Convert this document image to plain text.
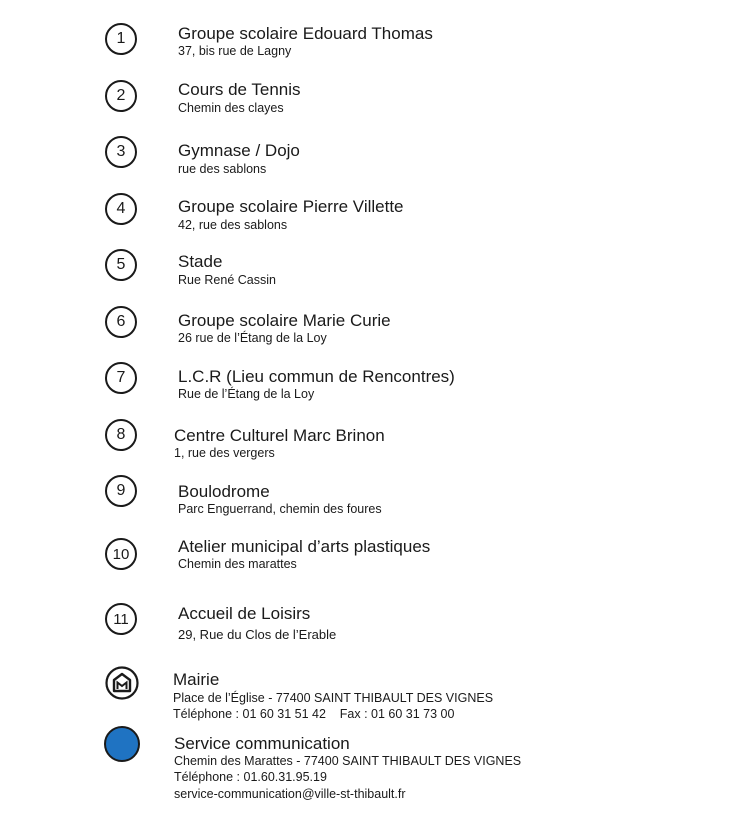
1	Groupe scolaire Edouard Thomas
37, bis rue de Lagny
2	Cours de Tennis
Chemin des clayes
3	Gymnase / Dojo
rue des sablons
4	Groupe scolaire Pierre Villette
42, rue des sablons
5	Stade
Rue René Cassin
6	Groupe scolaire Marie Curie
26 rue de l’Étang de la Loy
7	L.C.R (Lieu commun de Rencontres)
Rue de l’Étang de la Loy
8	Centre Culturel Marc Brinon
1, rue des vergers
9	Boulodrome
Parc Enguerrand, chemin des foures
10	Atelier municipal d’arts plastiques
Chemin des marattes
11	Accueil de Loisirs
29, Rue du Clos de l’Erable
Mairie
Place de l’Église - 77400 SAINT THIBAULT DES VIGNES
Téléphone : 01 60 31 51 42    Fax : 01 60 31 73 00
Service communication
Chemin des Marattes - 77400 SAINT THIBAULT DES VIGNES
Téléphone : 01.60.31.95.19
service-communication@ville-st-thibault.fr
